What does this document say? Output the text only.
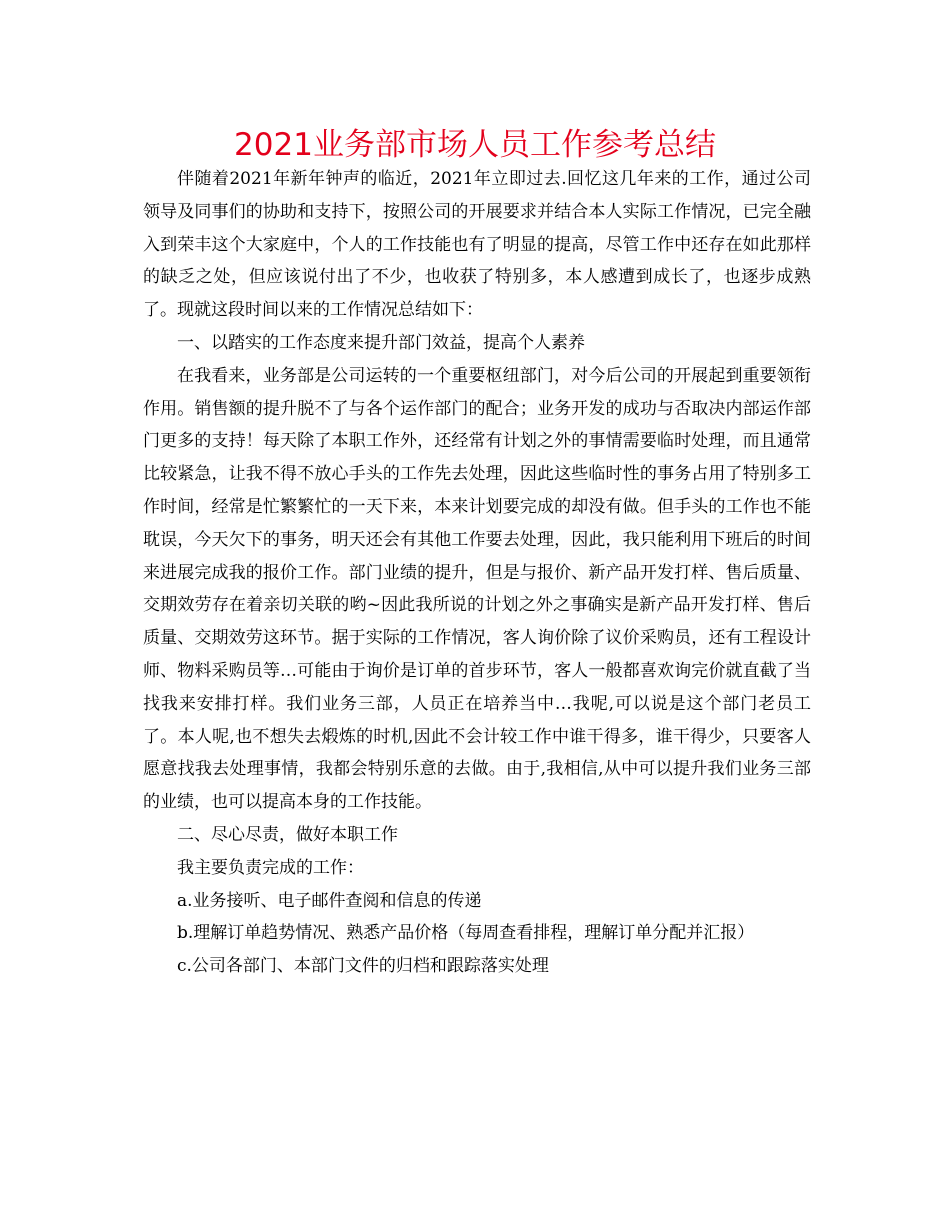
2021业务部市场人员工作参考总结

伴随着2021年新年钟声的临近，2021年立即过去.回忆这几年来的工作，通过公司领导及同事们的协助和支持下，按照公司的开展要求并结合本人实际工作情况，已完全融入到荣丰这个大家庭中，个人的工作技能也有了明显的提高，尽管工作中还存在如此那样的缺乏之处，但应该说付出了不少，也收获了特别多，本人感遭到成长了，也逐步成熟了。现就这段时间以来的工作情况总结如下：

一、以踏实的工作态度来提升部门效益，提高个人素养

在我看来，业务部是公司运转的一个重要枢纽部门，对今后公司的开展起到重要领衔作用。销售额的提升脱不了与各个运作部门的配合；业务开发的成功与否取决内部运作部门更多的支持！每天除了本职工作外，还经常有计划之外的事情需要临时处理，而且通常比较紧急，让我不得不放心手头的工作先去处理，因此这些临时性的事务占用了特别多工作时间，经常是忙繁繁忙的一天下来，本来计划要完成的却没有做。但手头的工作也不能耽误，今天欠下的事务，明天还会有其他工作要去处理，因此，我只能利用下班后的时间来进展完成我的报价工作。部门业绩的提升，但是与报价、新产品开发打样、售后质量、交期效劳存在着亲切关联的哟~因此我所说的计划之外之事确实是新产品开发打样、售后质量、交期效劳这环节。据于实际的工作情况，客人询价除了议价采购员，还有工程设计师、物料采购员等…可能由于询价是订单的首步环节，客人一般都喜欢询完价就直截了当找我来安排打样。我们业务三部，人员正在培养当中…我呢,可以说是这个部门老员工了。本人呢,也不想失去煅炼的时机,因此不会计较工作中谁干得多，谁干得少，只要客人愿意找我去处理事情，我都会特别乐意的去做。由于,我相信,从中可以提升我们业务三部的业绩，也可以提高本身的工作技能。

二、尽心尽责，做好本职工作

我主要负责完成的工作：

a.业务接听、电子邮件查阅和信息的传递

b.理解订单趋势情况、熟悉产品价格（每周查看排程，理解订单分配并汇报）

c.公司各部门、本部门文件的归档和跟踪落实处理
